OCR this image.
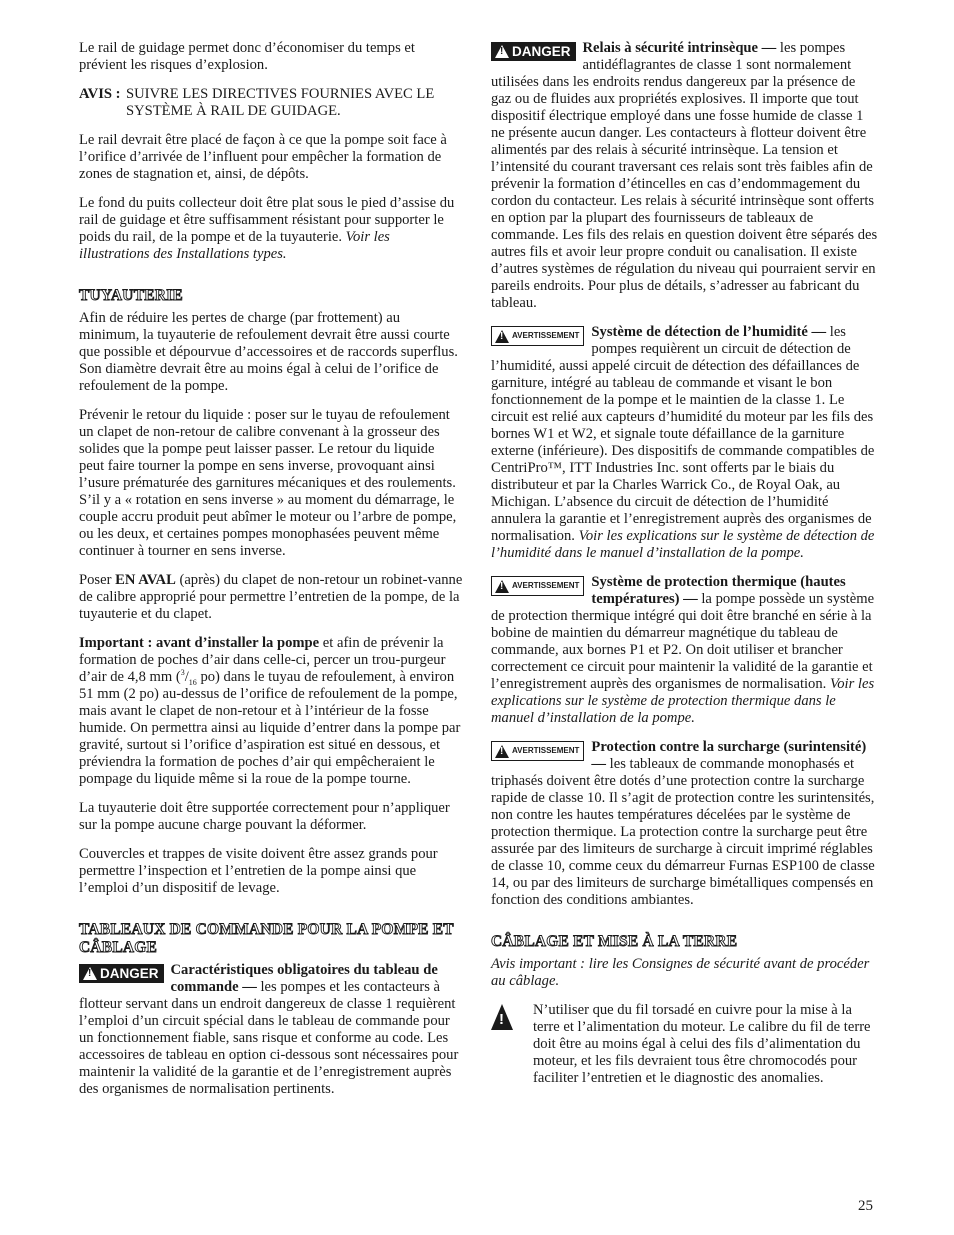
Le rail de guidage permet donc d’économiser du temps et prévient les risques d’explosion.

AVIS : SUIVRE LES DIRECTIVES FOURNIES AVEC LE SYSTÈME À RAIL DE GUIDAGE.

Le rail devrait être placé de façon à ce que la pompe soit face à l’orifice d’arrivée de l’influent pour empêcher la formation de zones de stagnation et, ainsi, de dépôts.

Le fond du puits collecteur doit être plat sous le pied d’assise du rail de guidage et être suffisamment résistant pour supporter le poids du rail, de la pompe et de la tuyauterie. Voir les illustrations des Installations types.

TUYAUTERIE

Afin de réduire les pertes de charge (par frottement) au minimum, la tuyauterie de refoulement devrait être aussi courte que possible et dépourvue d’accessoires et de raccords superflus. Son diamètre devrait être au moins égal à celui de l’orifice de refoulement de la pompe.

Prévenir le retour du liquide : poser sur le tuyau de refoulement un clapet de non-retour de calibre convenant à la grosseur des solides que la pompe peut laisser passer. Le retour du liquide peut faire tourner la pompe en sens inverse, provoquant ainsi l’usure prématurée des garnitures mécaniques et des roulements. S’il y a « rotation en sens inverse » au moment du démarrage, le couple accru produit peut abîmer le moteur ou l’arbre de pompe, ou les deux, et certaines pompes monophasées peuvent même continuer à tourner en sens inverse.

Poser EN AVAL (après) du clapet de non-retour un robinet-vanne de calibre approprié pour permettre l’entretien de la pompe, de la tuyauterie et du clapet.

Important : avant d’installer la pompe et afin de prévenir la formation de poches d’air dans celle-ci, percer un trou-purgeur d’air de 4,8 mm ($^3/_{16}$ po) dans le tuyau de refoulement, à environ 51 mm (2 po) au-dessus de l’orifice de refoulement de la pompe, mais avant le clapet de non-retour et à l’intérieur de la fosse humide. On permettra ainsi au liquide d’entrer dans la pompe par gravité, surtout si l’orifice d’aspiration est situé en dessous, et préviendra la formation de poches d’air qui empêcheraient le pompage du liquide même si la roue de la pompe tourne.

La tuyauterie doit être supportée correctement pour n’appliquer sur la pompe aucune charge pouvant la déformer.

Couvercles et trappes de visite doivent être assez grands pour permettre l’inspection et l’entretien de la pompe ainsi que l’emploi d’un dispositif de levage.

TABLEAUX DE COMMANDE POUR LA POMPE ET CÂBLAGE

!
DANGER Caractéristiques obligatoires du tableau de commande — les pompes et les contacteurs à flotteur servant dans un endroit dangereux de classe 1 requièrent l’emploi d’un circuit spécial dans le tableau de commande pour un fonctionnement fiable, sans risque et conforme au code. Les accessoires de tableau en option ci-dessous sont nécessaires pour maintenir la validité de la garantie et de l’enregistrement auprès des organismes de normalisation pertinents.

!
DANGER Relais à sécurité intrinsèque — les pompes antidéflagrantes de classe 1 sont normalement utilisées dans les endroits rendus dangereux par la présence de gaz ou de fluides aux propriétés explosives. Il importe que tout dispositif électrique employé dans une fosse humide de classe 1 ne présente aucun danger. Les contacteurs à flotteur doivent être alimentés par des relais à sécurité intrinsèque. La tension et l’intensité du courant traversant ces relais sont très faibles afin de prévenir la formation d’étincelles en cas d’endommagement du cordon du contacteur. Les relais à sécurité intrinsèque sont offerts en option par la plupart des fournisseurs de tableaux de commande. Les fils des relais en question doivent être séparés des autres fils et avoir leur propre conduit ou canalisation. Il existe d’autres systèmes de régulation du niveau qui pourraient servir en pareils endroits. Pour plus de détails, s’adresser au fabricant du tableau.

!
AVERTISSEMENT Système de détection de l’humidité — les pompes requièrent un circuit de détection de l’humidité, aussi appelé circuit de détection des défaillances de garniture, intégré au tableau de commande et visant le bon fonctionnement de la pompe et le maintien de la classe 1. Le circuit est relié aux capteurs d’humidité du moteur par les fils des bornes W1 et W2, et signale toute défaillance de la garniture externe (inférieure). Des dispositifs de commande compatibles de CentriPro™, ITT Industries Inc. sont offerts par le biais du distributeur et par la Charles Warrick Co., de Royal Oak, au Michigan. L’absence du circuit de détection de l’humidité annulera la garantie et l’enregistrement auprès des organismes de normalisation. Voir les explications sur le système de détection de l’humidité dans le manuel d’installation de la pompe.

!
AVERTISSEMENT Système de protection thermique (hautes températures) — la pompe possède un système de protection thermique intégré qui doit être branché en série à la bobine de maintien du démarreur magnétique du tableau de commande, aux bornes P1 et P2. On doit utiliser et brancher correctement ce circuit pour maintenir la validité de la garantie et l’enregistrement auprès des organismes de normalisation. Voir les explications sur le système de protection thermique dans le manuel d’installation de la pompe.

!
AVERTISSEMENT Protection contre la surcharge (surintensité) — les tableaux de commande monophasés et triphasés doivent être dotés d’une protection contre la surcharge rapide de classe 10. Il s’agit de protection contre les surintensités, non contre les hautes températures décelées par le système de protection thermique. La protection contre la surcharge peut être assurée par des limiteurs de surcharge à circuit imprimé réglables de classe 10, comme ceux du démarreur Furnas ESP100 de classe 14, ou par des limiteurs de surcharge bimétalliques compensés en fonction des conditions ambiantes.

CÂBLAGE ET MISE À LA TERRE

Avis important : lire les Consignes de sécurité avant de procéder au câblage.

!
N’utiliser que du fil torsadé en cuivre pour la mise à la terre et l’alimentation du moteur. Le calibre du fil de terre doit être au moins égal à celui des fils d’alimentation du moteur, et les fils devraient tous être chromocodés pour faciliter l’entretien et le diagnostic des anomalies.
25
